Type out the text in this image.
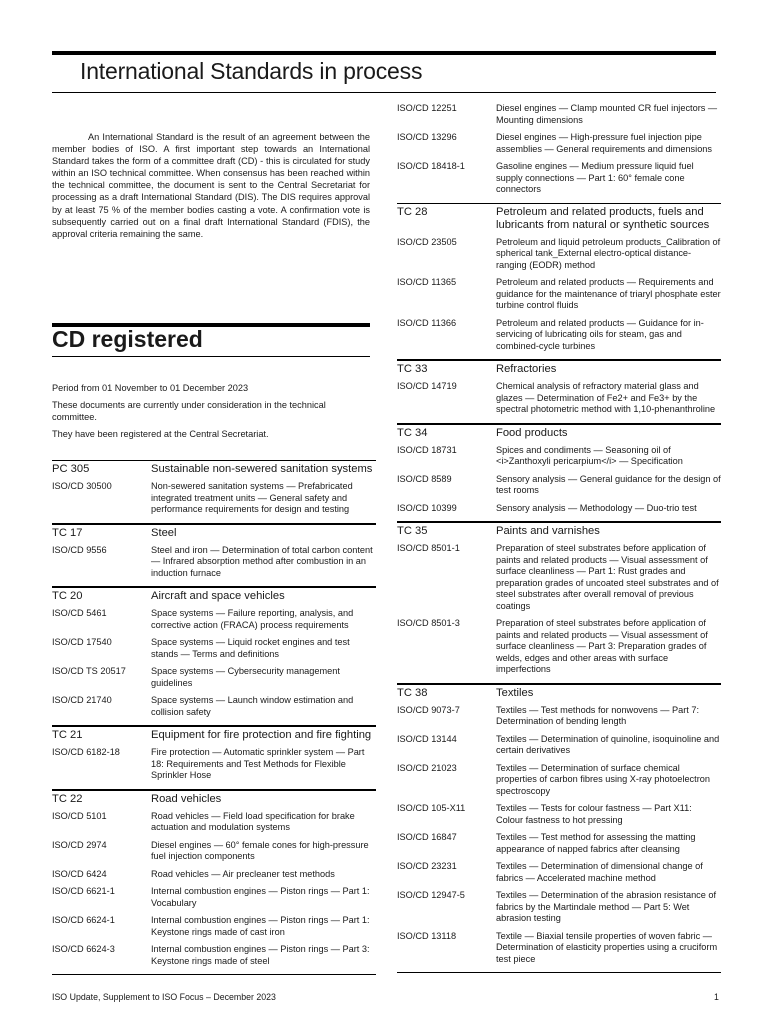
International Standards in process

An International Standard is the result of an agreement between the member bodies of ISO. A first important step towards an International Standard takes the form of a committee draft (CD) - this is circulated for study within an ISO technical committee. When consensus has been reached within the technical committee, the document is sent to the Central Secretariat for processing as a draft International Standard (DIS). The DIS requires approval by at least 75 % of the member bodies casting a vote. A confirmation vote is subsequently carried out on a final draft International Standard (FDIS), the approval criteria remaining the same.

CD registered

Period from 01 November to 01 December 2023

These documents are currently under consideration in the technical committee.

They have been registered at the Central Secretariat.

PC 305	Sustainable non-sewered sanitation systems
ISO/CD 30500	Non-sewered sanitation systems — Prefabricated integrated treatment units — General safety and performance requirements for design and testing
TC 17	Steel
ISO/CD 9556	Steel and iron — Determination of total carbon content — Infrared absorption method after combustion in an induction furnace
TC 20	Aircraft and space vehicles
ISO/CD 5461	Space systems — Failure reporting, analysis, and corrective action (FRACA) process requirements
ISO/CD 17540	Space systems — Liquid rocket engines and test stands — Terms and definitions
ISO/CD TS 20517	Space systems — Cybersecurity management guidelines
ISO/CD 21740	Space systems — Launch window estimation and collision safety
TC 21	Equipment for fire protection and fire fighting
ISO/CD 6182-18	Fire protection — Automatic sprinkler system — Part 18: Requirements and Test Methods for Flexible Sprinkler Hose
TC 22	Road vehicles
ISO/CD 5101	Road vehicles — Field load specification for brake actuation and modulation systems
ISO/CD 2974	Diesel engines — 60° female cones for high-pressure fuel injection components
ISO/CD 6424	Road vehicles — Air precleaner test methods
ISO/CD 6621-1	Internal combustion engines — Piston rings — Part 1: Vocabulary
ISO/CD 6624-1	Internal combustion engines — Piston rings — Part 1: Keystone rings made of cast iron
ISO/CD 6624-3	Internal combustion engines — Piston rings — Part 3: Keystone rings made of steel
ISO/CD 12251	Diesel engines — Clamp mounted CR fuel injectors — Mounting dimensions
ISO/CD 13296	Diesel engines — High-pressure fuel injection pipe assemblies — General requirements and dimensions
ISO/CD 18418-1	Gasoline engines — Medium pressure liquid fuel supply connections — Part 1: 60° female cone connectors
TC 28	Petroleum and related products, fuels and lubricants from natural or synthetic sources
ISO/CD 23505	Petroleum and liquid petroleum products_Calibration of spherical tank_External electro-optical distance-ranging (EODR) method
ISO/CD 11365	Petroleum and related products — Requirements and guidance for the maintenance of triaryl phosphate ester turbine control fluids
ISO/CD 11366	Petroleum and related products — Guidance for in-servicing of lubricating oils for steam, gas and combined-cycle turbines
TC 33	Refractories
ISO/CD 14719	Chemical analysis of refractory material glass and glazes — Determination of Fe2+ and Fe3+ by the spectral photometric method with 1,10-phenanthroline
TC 34	Food products
ISO/CD 18731	Spices and condiments — Seasoning oil of <i>Zanthoxyli pericarpium</i> — Specification
ISO/CD 8589	Sensory analysis — General guidance for the design of test rooms
ISO/CD 10399	Sensory analysis — Methodology — Duo-trio test
TC 35	Paints and varnishes
ISO/CD 8501-1	Preparation of steel substrates before application of paints and related products — Visual assessment of surface cleanliness — Part 1: Rust grades and preparation grades of uncoated steel substrates and of steel substrates after overall removal of previous coatings
ISO/CD 8501-3	Preparation of steel substrates before application of paints and related products — Visual assessment of surface cleanliness — Part 3: Preparation grades of welds, edges and other areas with surface imperfections
TC 38	Textiles
ISO/CD 9073-7	Textiles — Test methods for nonwovens — Part 7: Determination of bending length
ISO/CD 13144	Textiles — Determination of quinoline, isoquinoline and certain derivatives
ISO/CD 21023	Textiles — Determination of surface chemical properties of carbon fibres using X-ray photoelectron spectroscopy
ISO/CD 105-X11	Textiles — Tests for colour fastness — Part X11: Colour fastness to hot pressing
ISO/CD 16847	Textiles — Test method for assessing the matting appearance of napped fabrics after cleansing
ISO/CD 23231	Textiles — Determination of dimensional change of fabrics — Accelerated machine method
ISO/CD 12947-5	Textiles — Determination of the abrasion resistance of fabrics by the Martindale method — Part 5: Wet abrasion testing
ISO/CD 13118	Textile — Biaxial tensile properties of woven fabric — Determination of elasticity properties using a cruciform test piece
ISO Update, Supplement to ISO Focus – December 2023	1
